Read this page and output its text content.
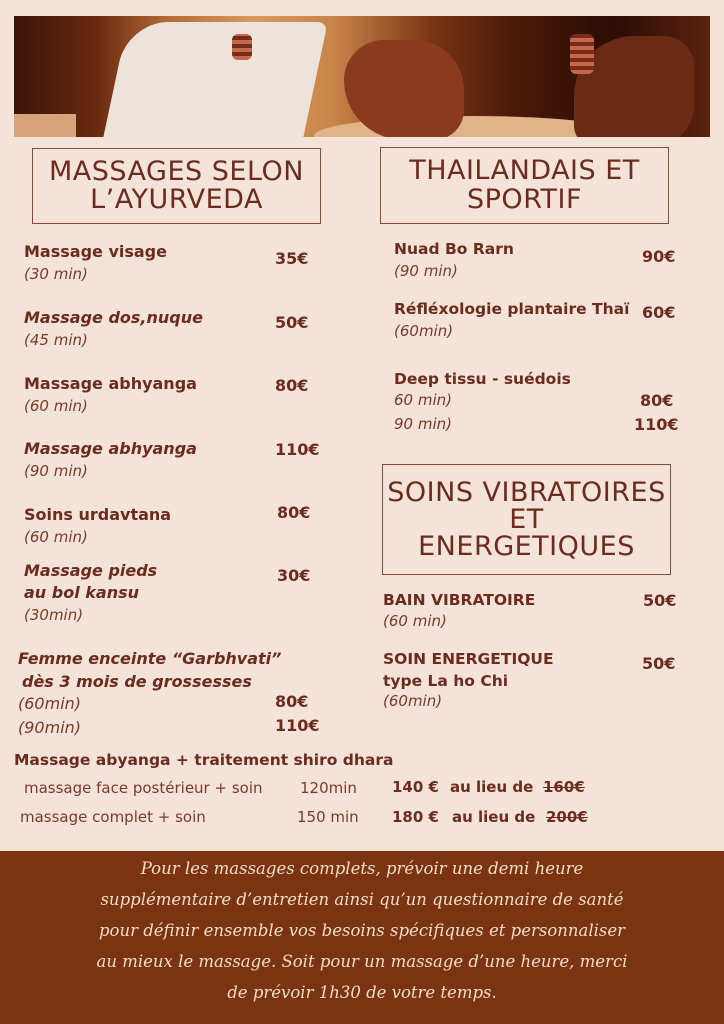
MASSAGES SELON
L’AYURVEDA
THAILANDAIS ET
SPORTIF
SOINS VIBRATOIRES
ET
ENERGETIQUES
Massage visage
(30 min)
35€
Massage dos,nuque
(45 min)
50€
Massage abhyanga
(60 min)
80€
Massage abhyanga
(90 min)
110€
Soins urdavtana
(60 min)
80€
Massage pieds
au bol kansu
(30min)
30€
Femme enceinte “Garbhvati”
dès 3 mois de grossesses
(60min)	80€
(90min)	110€
Nuad Bo Rarn
(90 min)
90€
Réfléxologie plantaire Thaï
(60min)
60€
Deep tissu - suédois
60 min)	80€
90 min)	110€
BAIN VIBRATOIRE
(60 min)
50€
SOIN ENERGETIQUE
type La ho Chi
(60min)
50€
Massage abyanga + traitement shiro dhara
massage face postérieur + soin	120min 140 € au lieu de 160€
massage complet + soin	150 min 180 € au lieu de 200€

Pour les massages complets, prévoir une demi heure

supplémentaire d’entretien ainsi qu’un questionnaire de santé

pour définir ensemble vos besoins spécifiques et personnaliser

au mieux le massage. Soit pour un massage d’une heure, merci

de prévoir 1h30 de votre temps.
